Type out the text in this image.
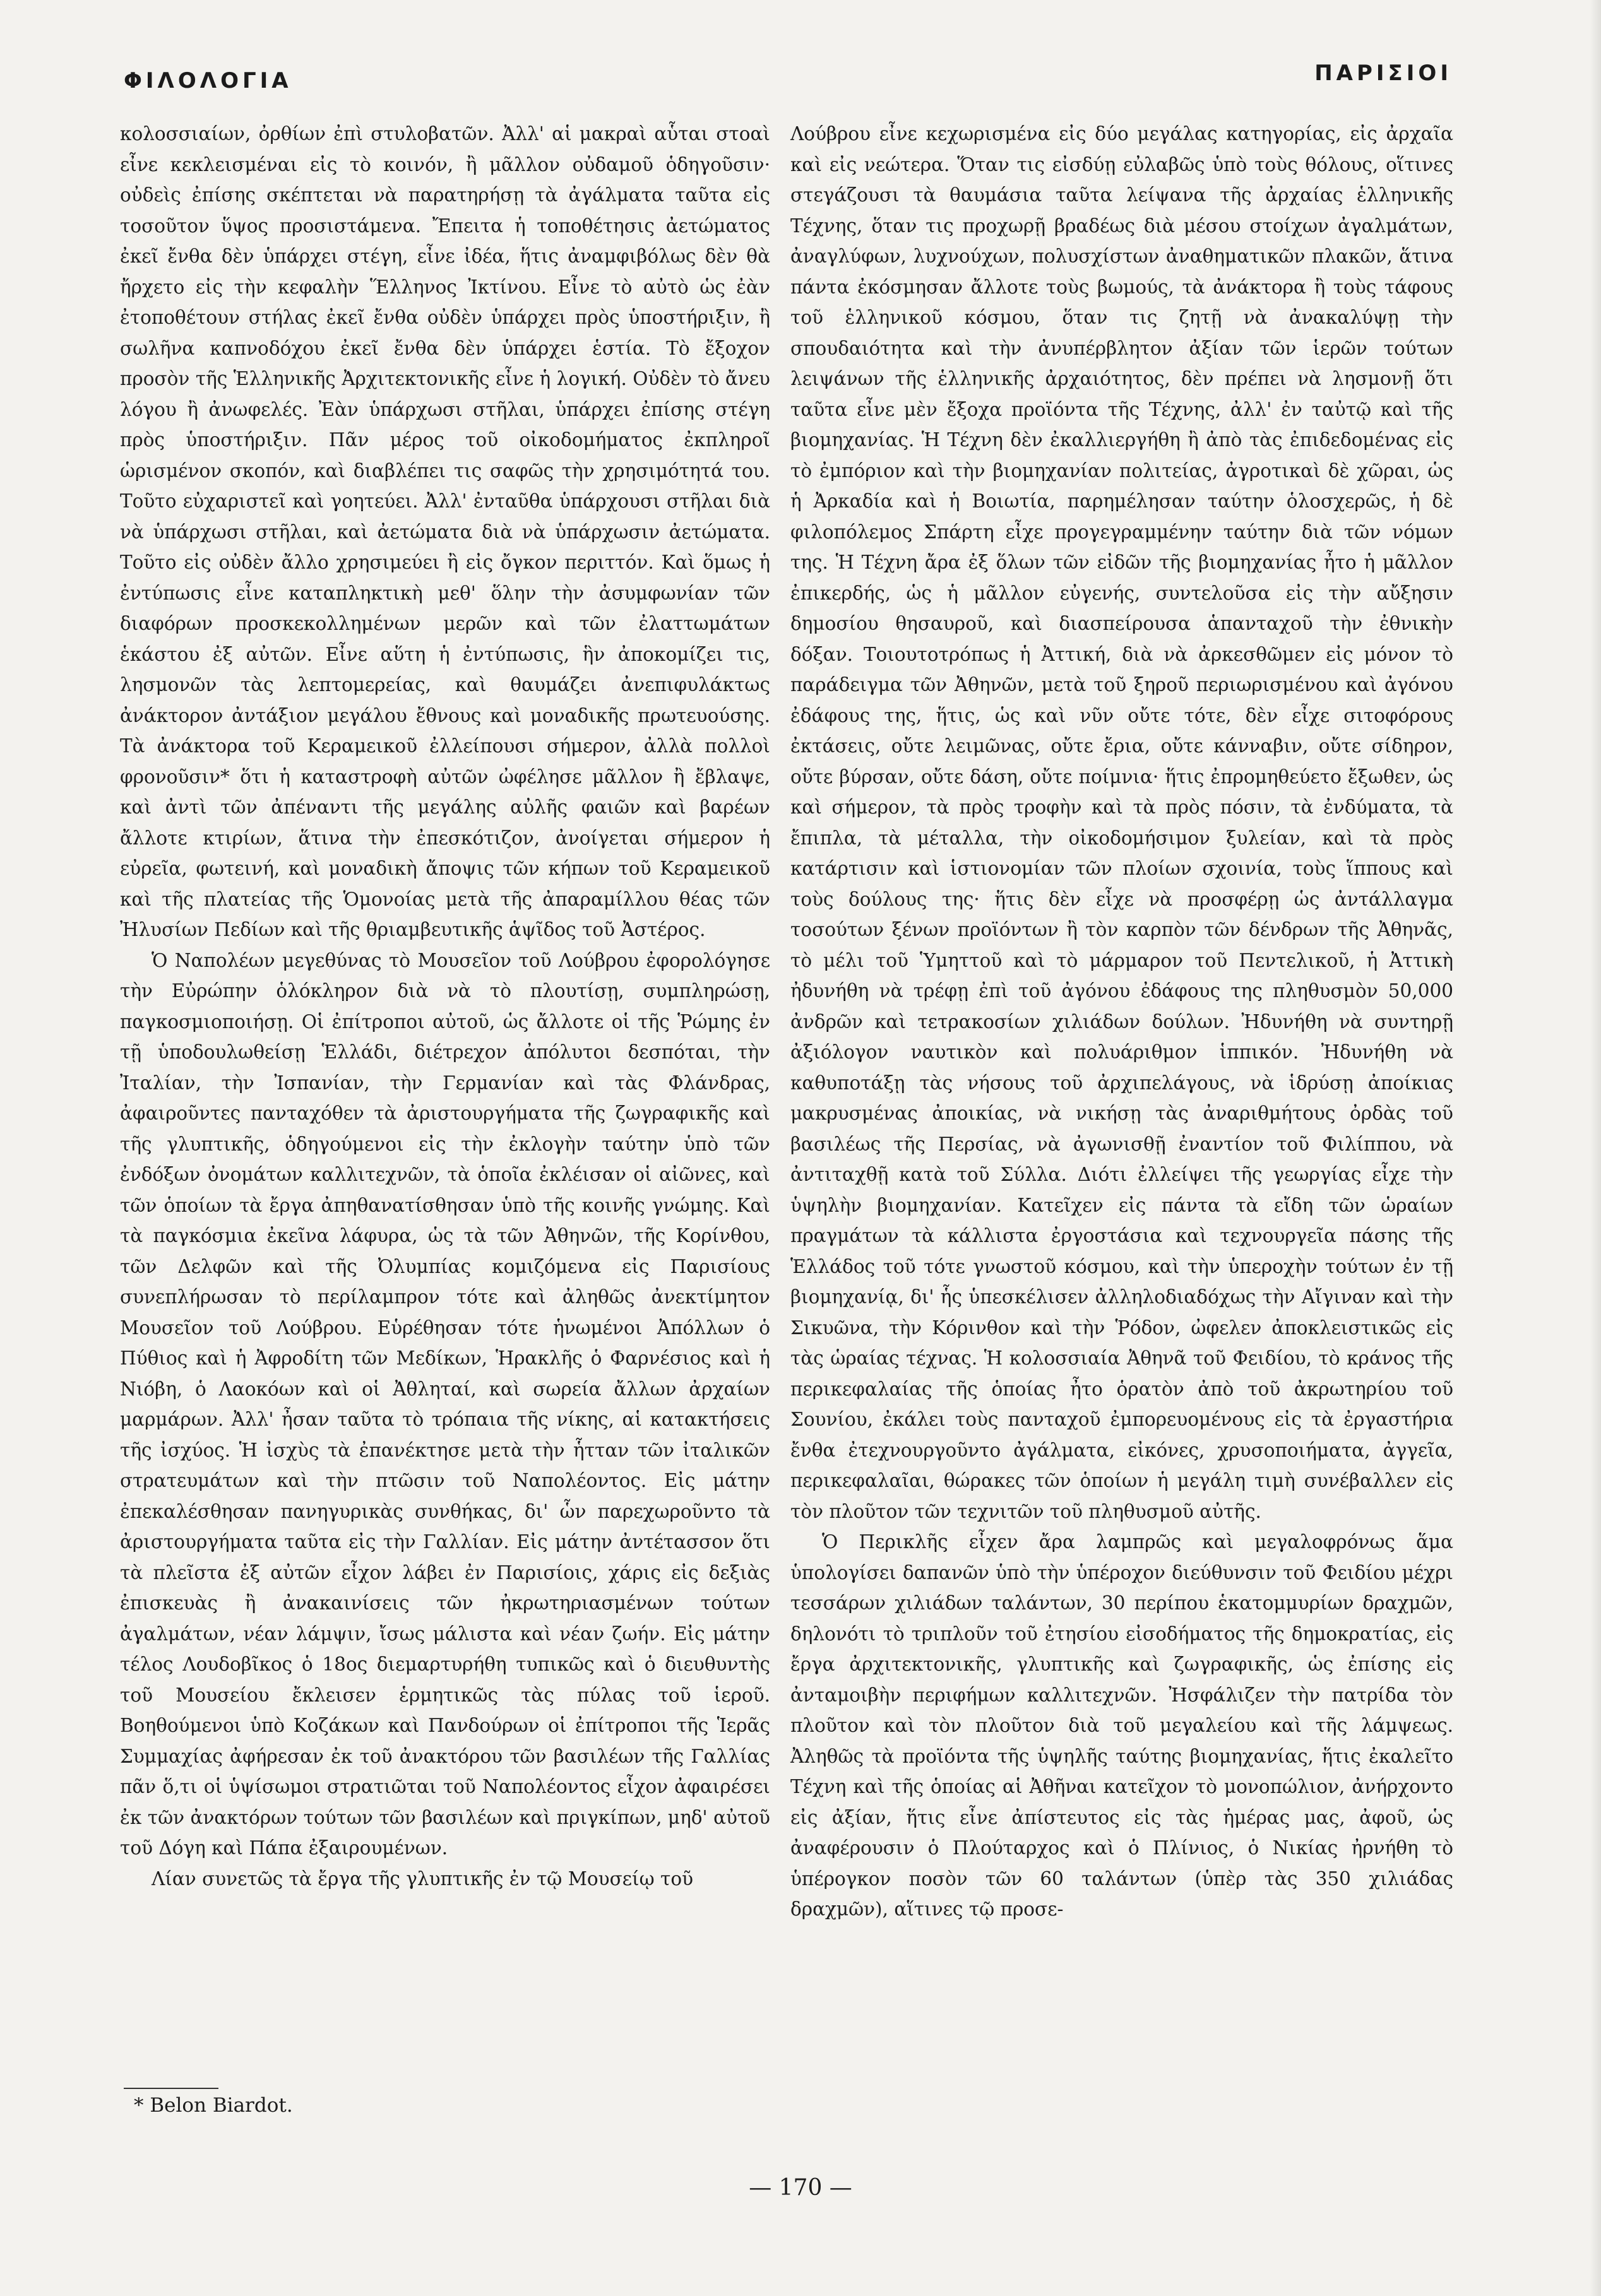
ΦΙΛΟΛΟΓΙΑ	ΠΑΡΙΣΙΟΙ

κολοσσιαίων, ὀρθίων ἐπὶ στυλοβατῶν. Ἀλλ' αἱ μακραὶ αὗται στοαὶ εἶνε κεκλεισμέναι εἰς τὸ κοινόν, ἢ μᾶλλον οὐδαμοῦ ὁδηγοῦσιν· οὐδεὶς ἐπίσης σκέπτεται νὰ παρατηρήσῃ τὰ ἀγάλματα ταῦτα εἰς τοσοῦτον ὕψος προσιστάμενα. Ἔπειτα ἡ τοποθέτησις ἀετώματος ἐκεῖ ἔνθα δὲν ὑπάρχει στέγη, εἶνε ἰδέα, ἥτις ἀναμφιβόλως δὲν θὰ ἤρχετο εἰς τὴν κεφαλὴν Ἕλληνος Ἰκτίνου. Εἶνε τὸ αὐτὸ ὡς ἐὰν ἐτοποθέτουν στήλας ἐκεῖ ἔνθα οὐδὲν ὑπάρχει πρὸς ὑποστήριξιν, ἢ σωλῆνα καπνοδόχου ἐκεῖ ἔνθα δὲν ὑπάρχει ἑστία. Τὸ ἔξοχον προσὸν τῆς Ἑλληνικῆς Ἀρχιτεκτονικῆς εἶνε ἡ λογική. Οὐδὲν τὸ ἄνευ λόγου ἢ ἀνωφελές. Ἐὰν ὑπάρχωσι στῆλαι, ὑπάρχει ἐπίσης στέγη πρὸς ὑποστήριξιν. Πᾶν μέρος τοῦ οἰκοδομήματος ἐκπληροῖ ὡρισμένον σκοπόν, καὶ διαβλέπει τις σαφῶς τὴν χρησιμότητά του. Τοῦτο εὐχαριστεῖ καὶ γοητεύει. Ἀλλ' ἐνταῦθα ὑπάρχουσι στῆλαι διὰ νὰ ὑπάρχωσι στῆλαι, καὶ ἀετώματα διὰ νὰ ὑπάρχωσιν ἀετώματα. Τοῦτο εἰς οὐδὲν ἄλλο χρησιμεύει ἢ εἰς ὄγκον περιττόν. Καὶ ὅμως ἡ ἐντύπωσις εἶνε καταπληκτικὴ μεθ' ὅλην τὴν ἀσυμφωνίαν τῶν διαφόρων προσκεκολλημένων μερῶν καὶ τῶν ἐλαττωμάτων ἑκάστου ἐξ αὐτῶν. Εἶνε αὕτη ἡ ἐντύπωσις, ἣν ἀποκομίζει τις, λησμονῶν τὰς λεπτομερείας, καὶ θαυμάζει ἀνεπιφυλάκτως ἀνάκτορον ἀντάξιον μεγάλου ἔθνους καὶ μοναδικῆς πρωτευούσης. Τὰ ἀνάκτορα τοῦ Κεραμεικοῦ ἐλλείπουσι σήμερον, ἀλλὰ πολλοὶ φρονοῦσιν* ὅτι ἡ καταστροφὴ αὐτῶν ὠφέλησε μᾶλλον ἢ ἔβλαψε, καὶ ἀντὶ τῶν ἀπέναντι τῆς μεγάλης αὐλῆς φαιῶν καὶ βαρέων ἄλλοτε κτιρίων, ἅτινα τὴν ἐπεσκότιζον, ἀνοίγεται σήμερον ἡ εὐρεῖα, φωτεινή, καὶ μοναδικὴ ἄποψις τῶν κήπων τοῦ Κεραμεικοῦ καὶ τῆς πλατείας τῆς Ὁμονοίας μετὰ τῆς ἀπαραμίλλου θέας τῶν Ἠλυσίων Πεδίων καὶ τῆς θριαμβευτικῆς ἁψῖδος τοῦ Ἀστέρος.

Ὁ Ναπολέων μεγεθύνας τὸ Μουσεῖον τοῦ Λούβρου ἐφορολόγησε τὴν Εὐρώπην ὁλόκληρον διὰ νὰ τὸ πλουτίσῃ, συμπληρώσῃ, παγκοσμιοποιήσῃ. Οἱ ἐπίτροποι αὐτοῦ, ὡς ἄλλοτε οἱ τῆς Ῥώμης ἐν τῇ ὑποδουλωθείσῃ Ἑλλάδι, διέτρεχον ἀπόλυτοι δεσπόται, τὴν Ἰταλίαν, τὴν Ἰσπανίαν, τὴν Γερμανίαν καὶ τὰς Φλάνδρας, ἀφαιροῦντες πανταχόθεν τὰ ἀριστουργήματα τῆς ζωγραφικῆς καὶ τῆς γλυπτικῆς, ὁδηγούμενοι εἰς τὴν ἐκλογὴν ταύτην ὑπὸ τῶν ἐνδόξων ὀνομάτων καλλιτεχνῶν, τὰ ὁποῖα ἐκλέισαν οἱ αἰῶνες, καὶ τῶν ὁποίων τὰ ἔργα ἀπηθανατίσθησαν ὑπὸ τῆς κοινῆς γνώμης. Καὶ τὰ παγκόσμια ἐκεῖνα λάφυρα, ὡς τὰ τῶν Ἀθηνῶν, τῆς Κορίνθου, τῶν Δελφῶν καὶ τῆς Ὀλυμπίας κομιζόμενα εἰς Παρισίους συνεπλήρωσαν τὸ περίλαμπρον τότε καὶ ἀληθῶς ἀνεκτίμητον Μουσεῖον τοῦ Λούβρου. Εὑρέθησαν τότε ἡνωμένοι Ἀπόλλων ὁ Πύθιος καὶ ἡ Ἀφροδίτη τῶν Μεδίκων, Ἡρακλῆς ὁ Φαρνέσιος καὶ ἡ Νιόβη, ὁ Λαοκόων καὶ οἱ Ἀθληταί, καὶ σωρεία ἄλλων ἀρχαίων μαρμάρων. Ἀλλ' ἦσαν ταῦτα τὸ τρόπαια τῆς νίκης, αἱ κατακτήσεις τῆς ἰσχύος. Ἡ ἰσχὺς τὰ ἐπανέκτησε μετὰ τὴν ἧτταν τῶν ἰταλικῶν στρατευμάτων καὶ τὴν πτῶσιν τοῦ Ναπολέοντος. Εἰς μάτην ἐπεκαλέσθησαν πανηγυρικὰς συνθήκας, δι' ὧν παρεχωροῦντο τὰ ἀριστουργήματα ταῦτα εἰς τὴν Γαλλίαν. Εἰς μάτην ἀντέτασσον ὅτι τὰ πλεῖστα ἐξ αὐτῶν εἶχον λάβει ἐν Παρισίοις, χάρις εἰς δεξιὰς ἐπισκευὰς ἢ ἀνακαινίσεις τῶν ἠκρωτηριασμένων τούτων ἀγαλμάτων, νέαν λάμψιν, ἴσως μάλιστα καὶ νέαν ζωήν. Εἰς μάτην τέλος Λουδοβῖκος ὁ 18ος διεμαρτυρήθη τυπικῶς καὶ ὁ διευθυντὴς τοῦ Μουσείου ἔκλεισεν ἑρμητικῶς τὰς πύλας τοῦ ἱεροῦ. Βοηθούμενοι ὑπὸ Κοζάκων καὶ Πανδούρων οἱ ἐπίτροποι τῆς Ἱερᾶς Συμμαχίας ἀφήρεσαν ἐκ τοῦ ἀνακτόρου τῶν βασιλέων τῆς Γαλλίας πᾶν ὅ,τι οἱ ὑψίσωμοι στρατιῶται τοῦ Ναπολέοντος εἶχον ἀφαιρέσει ἐκ τῶν ἀνακτόρων τούτων τῶν βασιλέων καὶ πριγκίπων, μηδ' αὐτοῦ τοῦ Δόγη καὶ Πάπα ἐξαιρουμένων.

Λίαν συνετῶς τὰ ἔργα τῆς γλυπτικῆς ἐν τῷ Μουσείῳ τοῦ

Λούβρου εἶνε κεχωρισμένα εἰς δύο μεγάλας κατηγορίας, εἰς ἀρχαῖα καὶ εἰς νεώτερα. Ὅταν τις εἰσδύῃ εὐλαβῶς ὑπὸ τοὺς θόλους, οἵτινες στεγάζουσι τὰ θαυμάσια ταῦτα λείψανα τῆς ἀρχαίας ἑλληνικῆς Τέχνης, ὅταν τις προχωρῇ βραδέως διὰ μέσου στοίχων ἀγαλμάτων, ἀναγλύφων, λυχνούχων, πολυσχίστων ἀναθηματικῶν πλακῶν, ἅτινα πάντα ἐκόσμησαν ἄλλοτε τοὺς βωμούς, τὰ ἀνάκτορα ἢ τοὺς τάφους τοῦ ἑλληνικοῦ κόσμου, ὅταν τις ζητῇ νὰ ἀνακαλύψῃ τὴν σπουδαιότητα καὶ τὴν ἀνυπέρβλητον ἀξίαν τῶν ἱερῶν τούτων λειψάνων τῆς ἑλληνικῆς ἀρχαιότητος, δὲν πρέπει νὰ λησμονῇ ὅτι ταῦτα εἶνε μὲν ἔξοχα προϊόντα τῆς Τέχνης, ἀλλ' ἐν ταὐτῷ καὶ τῆς βιομηχανίας. Ἡ Τέχνη δὲν ἐκαλλιεργήθη ἢ ἀπὸ τὰς ἐπιδεδομένας εἰς τὸ ἐμπόριον καὶ τὴν βιομηχανίαν πολιτείας, ἀγροτικαὶ δὲ χῶραι, ὡς ἡ Ἀρκαδία καὶ ἡ Βοιωτία, παρημέλησαν ταύτην ὁλοσχερῶς, ἡ δὲ φιλοπόλεμος Σπάρτη εἶχε προγεγραμμένην ταύτην διὰ τῶν νόμων της. Ἡ Τέχνη ἄρα ἐξ ὅλων τῶν εἰδῶν τῆς βιομηχανίας ἦτο ἡ μᾶλλον ἐπικερδής, ὡς ἡ μᾶλλον εὐγενής, συντελοῦσα εἰς τὴν αὔξησιν δημοσίου θησαυροῦ, καὶ διασπείρουσα ἁπανταχοῦ τὴν ἐθνικὴν δόξαν. Τοιουτοτρόπως ἡ Ἀττική, διὰ νὰ ἀρκεσθῶμεν εἰς μόνον τὸ παράδειγμα τῶν Ἀθηνῶν, μετὰ τοῦ ξηροῦ περιωρισμένου καὶ ἀγόνου ἐδάφους της, ἥτις, ὡς καὶ νῦν οὔτε τότε, δὲν εἶχε σιτοφόρους ἐκτάσεις, οὔτε λειμῶνας, οὔτε ἔρια, οὔτε κάνναβιν, οὔτε σίδηρον, οὔτε βύρσαν, οὔτε δάση, οὔτε ποίμνια· ἥτις ἐπρομηθεύετο ἔξωθεν, ὡς καὶ σήμερον, τὰ πρὸς τροφὴν καὶ τὰ πρὸς πόσιν, τὰ ἐνδύματα, τὰ ἔπιπλα, τὰ μέταλλα, τὴν οἰκοδομήσιμον ξυλείαν, καὶ τὰ πρὸς κατάρτισιν καὶ ἱστιονομίαν τῶν πλοίων σχοινία, τοὺς ἵππους καὶ τοὺς δούλους της· ἥτις δὲν εἶχε νὰ προσφέρῃ ὡς ἀντάλλαγμα τοσούτων ξένων προϊόντων ἢ τὸν καρπὸν τῶν δένδρων τῆς Ἀθηνᾶς, τὸ μέλι τοῦ Ὑμηττοῦ καὶ τὸ μάρμαρον τοῦ Πεντελικοῦ, ἡ Ἀττικὴ ἠδυνήθη νὰ τρέφῃ ἐπὶ τοῦ ἀγόνου ἐδάφους της πληθυσμὸν 50,000 ἀνδρῶν καὶ τετρακοσίων χιλιάδων δούλων. Ἠδυνήθη νὰ συντηρῇ ἀξιόλογον ναυτικὸν καὶ πολυάριθμον ἱππικόν. Ἠδυνήθη νὰ καθυποτάξῃ τὰς νήσους τοῦ ἀρχιπελάγους, νὰ ἱδρύσῃ ἀποίκιας μακρυσμένας ἀποικίας, νὰ νικήσῃ τὰς ἀναριθμήτους ὀρδὰς τοῦ βασιλέως τῆς Περσίας, νὰ ἀγωνισθῇ ἐναντίον τοῦ Φιλίππου, νὰ ἀντιταχθῇ κατὰ τοῦ Σύλλα. Διότι ἐλλείψει τῆς γεωργίας εἶχε τὴν ὑψηλὴν βιομηχανίαν. Κατεῖχεν εἰς πάντα τὰ εἴδη τῶν ὡραίων πραγμάτων τὰ κάλλιστα ἐργοστάσια καὶ τεχνουργεῖα πάσης τῆς Ἑλλάδος τοῦ τότε γνωστοῦ κόσμου, καὶ τὴν ὑπεροχὴν τούτων ἐν τῇ βιομηχανίᾳ, δι' ἧς ὑπεσκέλισεν ἀλληλοδιαδόχως τὴν Αἴγιναν καὶ τὴν Σικυῶνα, τὴν Κόρινθον καὶ τὴν Ῥόδον, ὠφελεν ἀποκλειστικῶς εἰς τὰς ὡραίας τέχνας. Ἡ κολοσσιαία Ἀθηνᾶ τοῦ Φειδίου, τὸ κράνος τῆς περικεφαλαίας τῆς ὁποίας ἦτο ὁρατὸν ἀπὸ τοῦ ἀκρωτηρίου τοῦ Σουνίου, ἐκάλει τοὺς πανταχοῦ ἐμπορευομένους εἰς τὰ ἐργαστήρια ἔνθα ἐτεχνουργοῦντο ἀγάλματα, εἰκόνες, χρυσοποιήματα, ἀγγεῖα, περικεφαλαῖαι, θώρακες τῶν ὁποίων ἡ μεγάλη τιμὴ συνέβαλλεν εἰς τὸν πλοῦτον τῶν τεχνιτῶν τοῦ πληθυσμοῦ αὐτῆς.

Ὁ Περικλῆς εἶχεν ἄρα λαμπρῶς καὶ μεγαλοφρόνως ἅμα ὑπολογίσει δαπανῶν ὑπὸ τὴν ὑπέροχον διεύθυνσιν τοῦ Φειδίου μέχρι τεσσάρων χιλιάδων ταλάντων, 30 περίπου ἑκατομμυρίων δραχμῶν, δηλονότι τὸ τριπλοῦν τοῦ ἐτησίου εἰσοδήματος τῆς δημοκρατίας, εἰς ἔργα ἀρχιτεκτονικῆς, γλυπτικῆς καὶ ζωγραφικῆς, ὡς ἐπίσης εἰς ἀνταμοιβὴν περιφήμων καλλιτεχνῶν. Ἠσφάλιζεν τὴν πατρίδα τὸν πλοῦτον καὶ τὸν πλοῦτον διὰ τοῦ μεγαλείου καὶ τῆς λάμψεως. Ἀληθῶς τὰ προϊόντα τῆς ὑψηλῆς ταύτης βιομηχανίας, ἥτις ἐκαλεῖτο Τέχνη καὶ τῆς ὁποίας αἱ Ἀθῆναι κατεῖχον τὸ μονοπώλιον, ἀνήρχοντο εἰς ἀξίαν, ἥτις εἶνε ἀπίστευτος εἰς τὰς ἡμέρας μας, ἀφοῦ, ὡς ἀναφέρουσιν ὁ Πλούταρχος καὶ ὁ Πλίνιος, ὁ Νικίας ἠρνήθη τὸ ὑπέρογκον ποσὸν τῶν 60 ταλάντων (ὑπὲρ τὰς 350 χιλιάδας δραχμῶν), αἵτινες τῷ προσε-

* Belon Biardot.
— 170 —
